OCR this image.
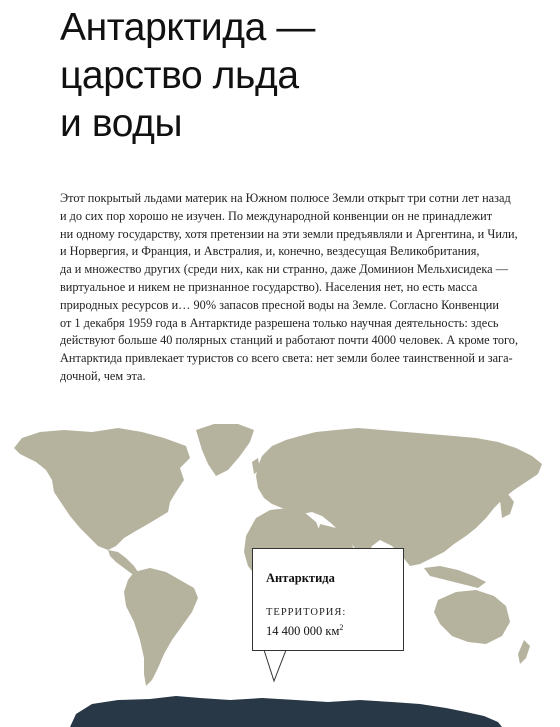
Антарктида —
царство льда
и воды
Этот покрытый льдами материк на Южном полюсе Земли открыт три сотни лет назад
и до сих пор хорошо не изучен. По международной конвенции он не принадлежит
ни одному государству, хотя претензии на эти земли предъявляли и Аргентина, и Чили,
и Норвергия, и Франция, и Австралия, и, конечно, вездесущая Великобритания,
да и множество других (среди них, как ни странно, даже Доминион Мельхисидека —
виртуальное и никем не признанное государство). Населения нет, но есть масса
природных ресурсов и… 90% запасов пресной воды на Земле. Согласно Конвенции
от 1 декабря 1959 года в Антарктиде разрешена только научная деятельность: здесь
действуют больше 40 полярных станций и работают почти 4000 человек. А кроме того,
Антарктида привлекает туристов со всего света: нет земли более таинственной и зага-
дочной, чем эта.
Антарктида
ТЕРРИТОРИЯ:
14 400 000 $км^2$
